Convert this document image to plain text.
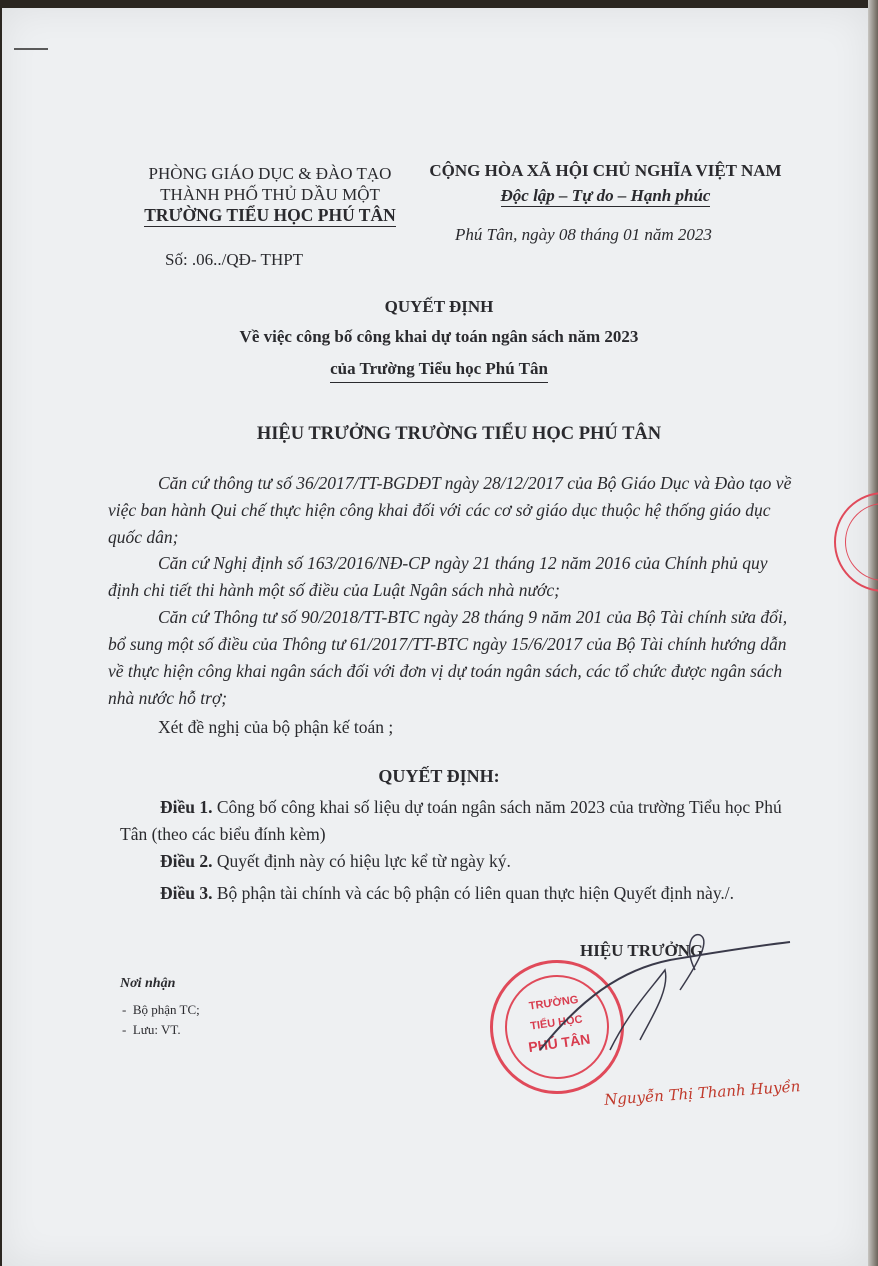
PHÒNG GIÁO DỤC & ĐÀO TẠO
THÀNH PHỐ THỦ DẦU MỘT
TRƯỜNG TIỂU HỌC PHÚ TÂN
CỘNG HÒA XÃ HỘI CHỦ NGHĨA VIỆT NAM
Độc lập – Tự do – Hạnh phúc
Phú Tân, ngày 08 tháng 01 năm 2023
Số: .06../QĐ- THPT
QUYẾT ĐỊNH
Về việc công bố công khai dự toán ngân sách năm 2023
của Trường Tiểu học Phú Tân
HIỆU TRƯỞNG TRƯỜNG TIỂU HỌC PHÚ TÂN
Căn cứ thông tư số 36/2017/TT-BGDĐT ngày 28/12/2017 của Bộ Giáo Dục và Đào tạo về việc ban hành Qui chế thực hiện công khai đối với các cơ sở giáo dục thuộc hệ thống giáo dục quốc dân;
Căn cứ Nghị định số 163/2016/NĐ-CP ngày 21 tháng 12 năm 2016 của Chính phủ quy định chi tiết thi hành một số điều của Luật Ngân sách nhà nước;
Căn cứ Thông tư số 90/2018/TT-BTC ngày 28 tháng 9 năm 201 của Bộ Tài chính sửa đổi, bổ sung một số điều của Thông tư 61/2017/TT-BTC ngày 15/6/2017 của Bộ Tài chính hướng dẫn về thực hiện công khai ngân sách đối với đơn vị dự toán ngân sách, các tổ chức được ngân sách nhà nước hỗ trợ;
Xét đề nghị của bộ phận kế toán ;
QUYẾT ĐỊNH:
Điều 1. Công bố công khai số liệu dự toán ngân sách năm 2023 của trường Tiểu học Phú Tân (theo các biểu đính kèm)
Điều 2. Quyết định này có hiệu lực kể từ ngày ký.
Điều 3. Bộ phận tài chính và các bộ phận có liên quan thực hiện Quyết định này./.
Nơi nhận
-  Bộ phận TC;
-  Lưu: VT.
HIỆU TRƯỞNG
TRƯỜNG
TIỂU HỌC
PHÚ TÂN
Nguyễn Thị Thanh Huyền
